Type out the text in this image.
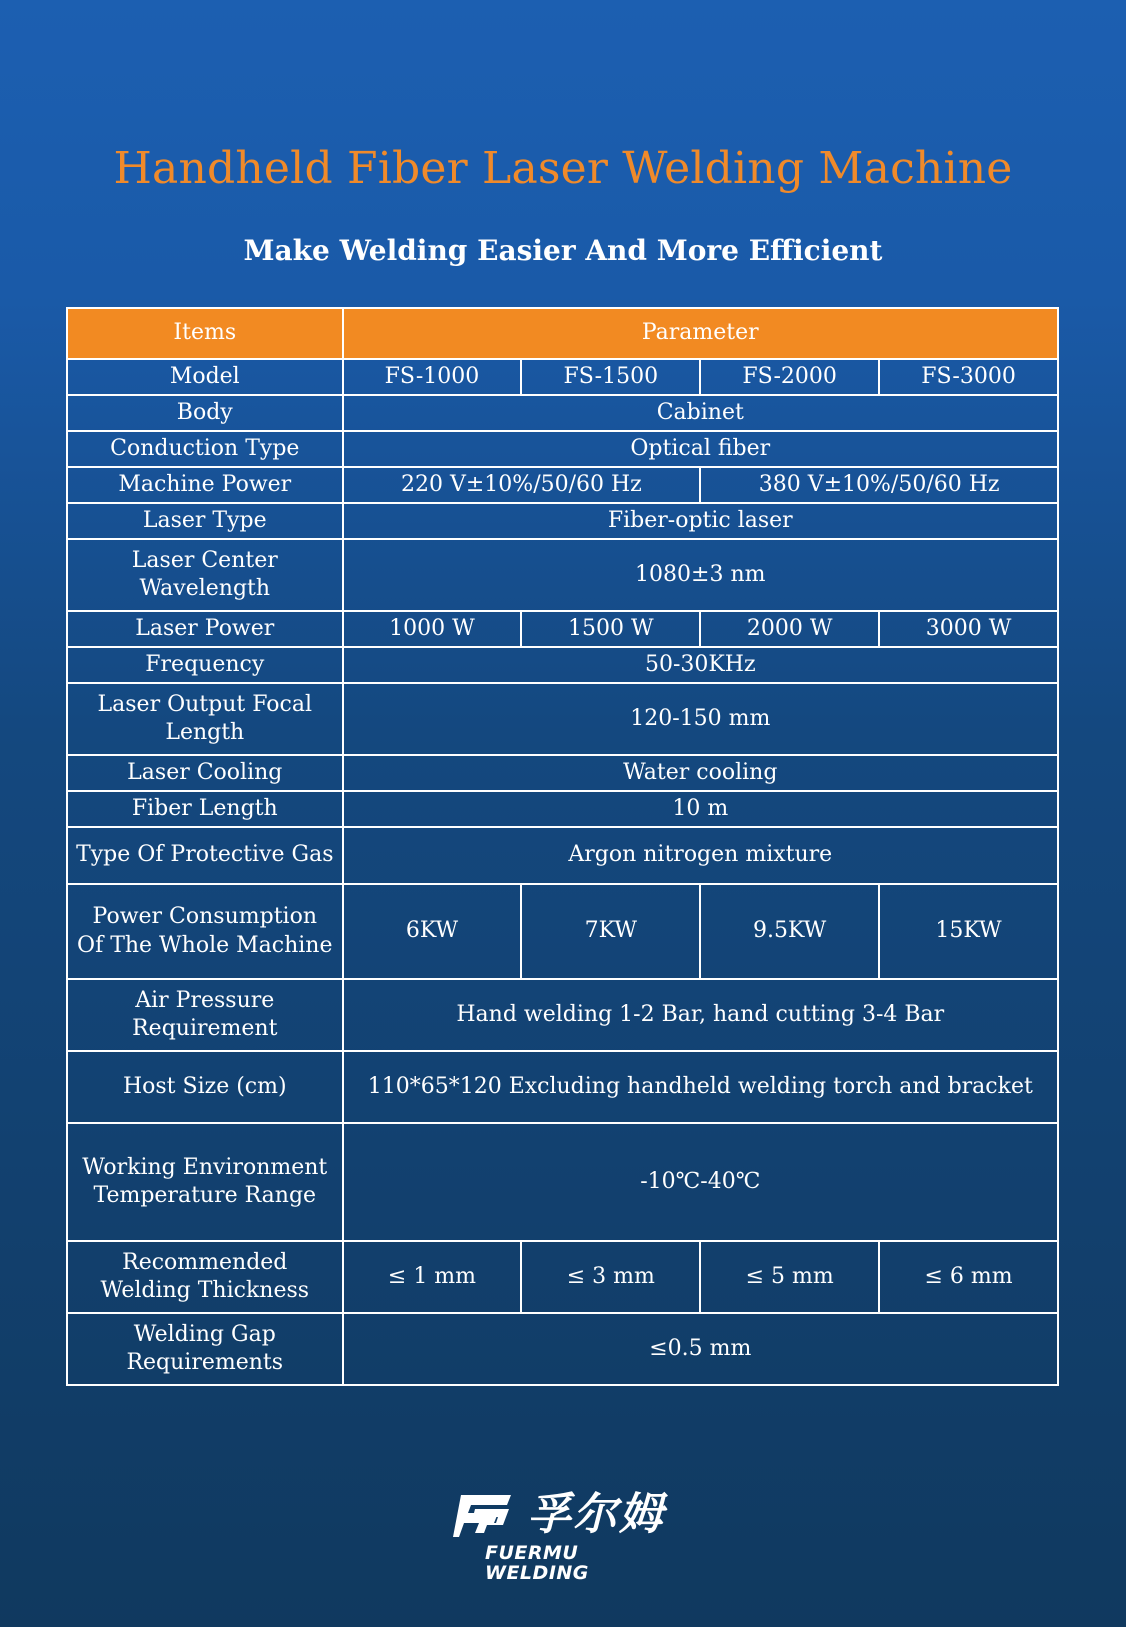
Handheld Fiber Laser Welding Machine
Make Welding Easier And More Efficient
Items	Parameter			
Model	FS-1000	FS-1500	FS-2000	FS-3000
Body	Cabinet			
Conduction Type	Optical fiber			
Machine Power	220 V±10%/50/60 Hz		380 V±10%/50/60 Hz	
Laser Type	Fiber-optic laser			
Laser Center Wavelength	1080±3 nm			
Laser Power	1000 W	1500 W	2000 W	3000 W
Frequency	50-30KHz			
Laser Output Focal Length	120-150 mm			
Laser Cooling	Water cooling			
Fiber Length	10 m			
Type Of Protective Gas	Argon nitrogen mixture			
Power Consumption Of The Whole Machine	6KW	7KW	9.5KW	15KW
Air Pressure Requirement	Hand welding 1-2 Bar, hand cutting 3-4 Bar			
Host Size (cm)	110*65*120 Excluding handheld welding torch and bracket			
Working Environment Temperature Range	-10℃-40℃			
Recommended Welding Thickness	≤ 1 mm	≤ 3 mm	≤ 5 mm	≤ 6 mm
Welding Gap Requirements	≤0.5 mm			
孚尔姆
FUERMU WELDING
